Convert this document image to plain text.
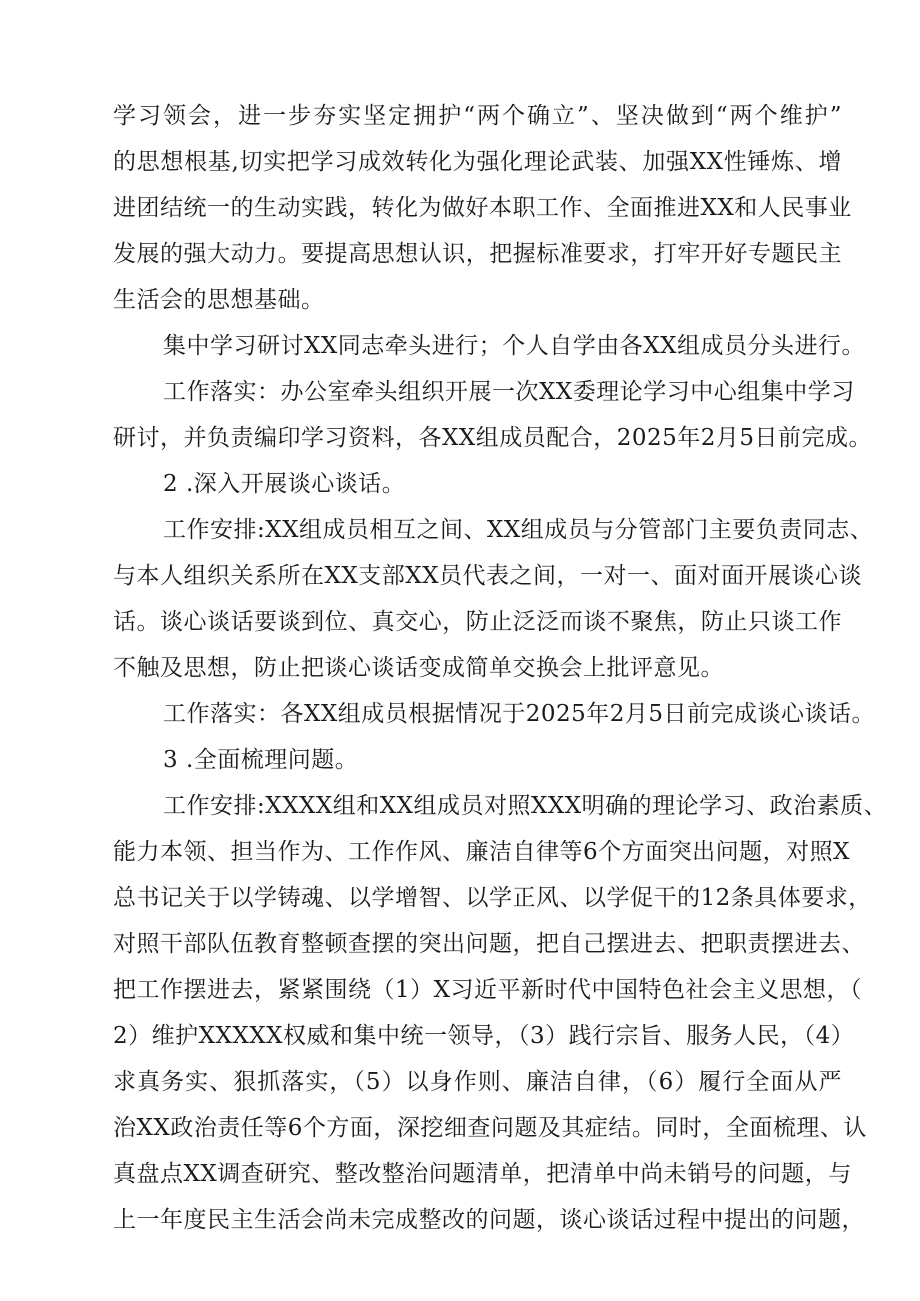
学习领会，进一步夯实坚定拥护“两个确立”、坚决做到“两个维护”
的思想根基,切实把学习成效转化为强化理论武装、加强XX性锤炼、增
进团结统一的生动实践，转化为做好本职工作、全面推进XX和人民事业
发展的强大动力。要提高思想认识，把握标准要求，打牢开好专题民主
生活会的思想基础。
集中学习研讨XX同志牵头进行；个人自学由各XX组成员分头进行。
工作落实：办公室牵头组织开展一次XX委理论学习中心组集中学习
研讨，并负责编印学习资料，各XX组成员配合，2025年2月5日前完成。
2 .深入开展谈心谈话。
工作安排:XX组成员相互之间、XX组成员与分管部门主要负责同志、
与本人组织关系所在XX支部XX员代表之间，一对一、面对面开展谈心谈
话。谈心谈话要谈到位、真交心，防止泛泛而谈不聚焦，防止只谈工作
不触及思想，防止把谈心谈话变成简单交换会上批评意见。
工作落实：各XX组成员根据情况于2025年2月5日前完成谈心谈话。
3 .全面梳理问题。
工作安排:XXXX组和XX组成员对照XXX明确的理论学习、政治素质、
能力本领、担当作为、工作作风、廉洁自律等6个方面突出问题，对照X
总书记关于以学铸魂、以学增智、以学正风、以学促干的12条具体要求，
对照干部队伍教育整顿查摆的突出问题，把自己摆进去、把职责摆进去、
把工作摆进去，紧紧围绕（1）X习近平新时代中国特色社会主义思想，（
2）维护XXXXX权威和集中统一领导，（3）践行宗旨、服务人民，（4）
求真务实、狠抓落实，（5）以身作则、廉洁自律，（6）履行全面从严
治XX政治责任等6个方面，深挖细查问题及其症结。同时，全面梳理、认
真盘点XX调查研究、整改整治问题清单，把清单中尚未销号的问题，与
上一年度民主生活会尚未完成整改的问题，谈心谈话过程中提出的问题，
